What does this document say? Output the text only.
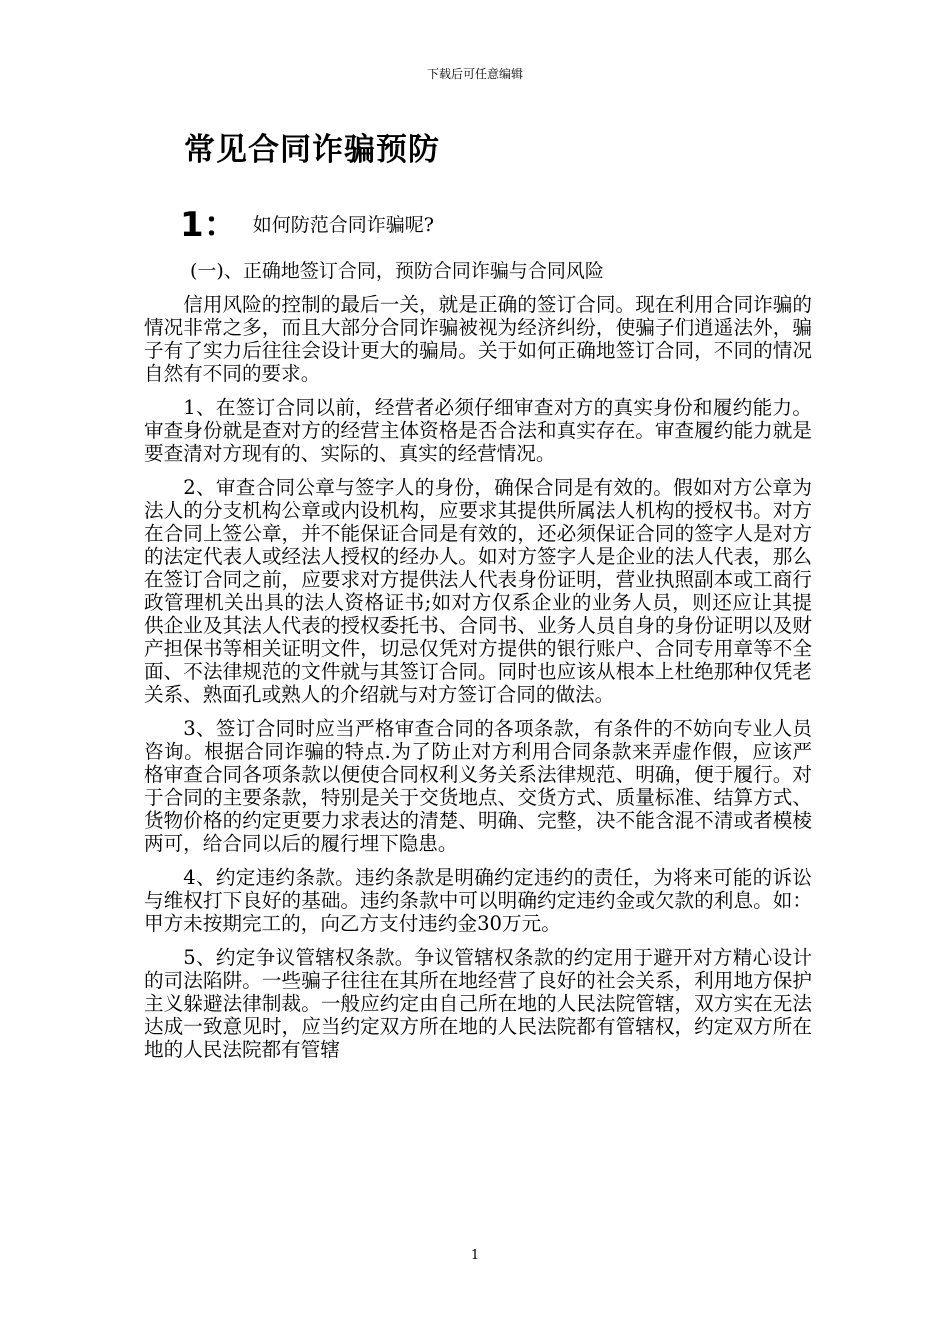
下载后可任意编辑
常见合同诈骗预防
1： 如何防范合同诈骗呢?
(一)、正确地签订合同，预防合同诈骗与合同风险

信用风险的控制的最后一关，就是正确的签订合同。现在利用合同诈骗的情况非常之多，而且大部分合同诈骗被视为经济纠纷，使骗子们逍遥法外，骗子有了实力后往往会设计更大的骗局。关于如何正确地签订合同，不同的情况自然有不同的要求。

1、在签订合同以前，经营者必须仔细审查对方的真实身份和履约能力。审查身份就是查对方的经营主体资格是否合法和真实存在。审查履约能力就是要查清对方现有的、实际的、真实的经营情况。

2、审查合同公章与签字人的身份，确保合同是有效的。假如对方公章为法人的分支机构公章或内设机构，应要求其提供所属法人机构的授权书。对方在合同上签公章，并不能保证合同是有效的，还必须保证合同的签字人是对方的法定代表人或经法人授权的经办人。如对方签字人是企业的法人代表，那么在签订合同之前，应要求对方提供法人代表身份证明，营业执照副本或工商行政管理机关出具的法人资格证书;如对方仅系企业的业务人员，则还应让其提供企业及其法人代表的授权委托书、合同书、业务人员自身的身份证明以及财产担保书等相关证明文件，切忌仅凭对方提供的银行账户、合同专用章等不全面、不法律规范的文件就与其签订合同。同时也应该从根本上杜绝那种仅凭老关系、熟面孔或熟人的介绍就与对方签订合同的做法。

3、签订合同时应当严格审查合同的各项条款，有条件的不妨向专业人员咨询。根据合同诈骗的特点.为了防止对方利用合同条款来弄虚作假，应该严格审查合同各项条款以便使合同权利义务关系法律规范、明确，便于履行。对于合同的主要条款，特别是关于交货地点、交货方式、质量标准、结算方式、货物价格的约定更要力求表达的清楚、明确、完整，决不能含混不清或者模棱两可，给合同以后的履行埋下隐患。

4、约定违约条款。违约条款是明确约定违约的责任，为将来可能的诉讼与维权打下良好的基础。违约条款中可以明确约定违约金或欠款的利息。如：甲方未按期完工的，向乙方支付违约金30万元。

5、约定争议管辖权条款。争议管辖权条款的约定用于避开对方精心设计的司法陷阱。一些骗子往往在其所在地经营了良好的社会关系，利用地方保护主义躲避法律制裁。一般应约定由自己所在地的人民法院管辖，双方实在无法达成一致意见时，应当约定双方所在地的人民法院都有管辖权，约定双方所在地的人民法院都有管辖

1
